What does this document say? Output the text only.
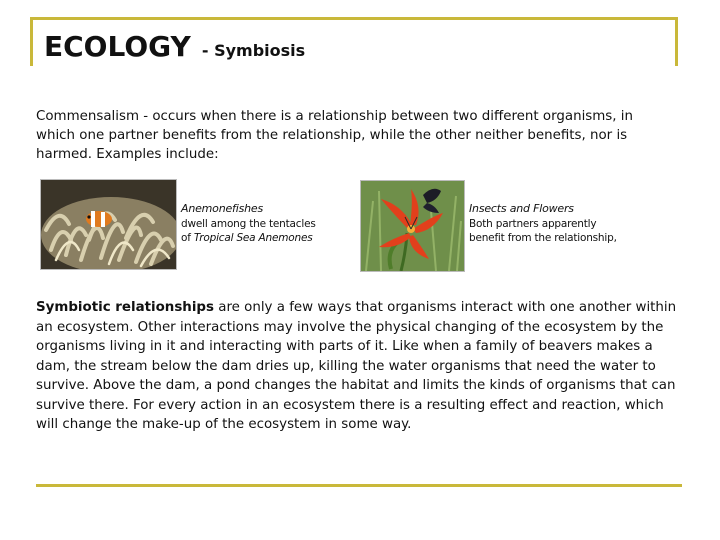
ECOLOGY - Symbiosis

Commensalism - occurs when there is a relationship between two different organisms, in which one partner benefits from the relationship, while the other neither benefits, nor is harmed. Examples include:

Anemonefishes
dwell among the tentacles
of Tropical Sea Anemones
Insects and Flowers
Both partners apparently
benefit from the relationship,

Symbiotic relationships are only a few ways that organisms interact with one another within an ecosystem. Other interactions may involve the physical changing of the ecosystem by the organisms living in it and interacting with parts of it. Like when a family of beavers makes a dam, the stream below the dam dries up, killing the water organisms that need the water to survive. Above the dam, a pond changes the habitat and limits the kinds of organisms that can survive there. For every action in an ecosystem there is a resulting effect and reaction, which will change the make-up of the ecosystem in some way.
